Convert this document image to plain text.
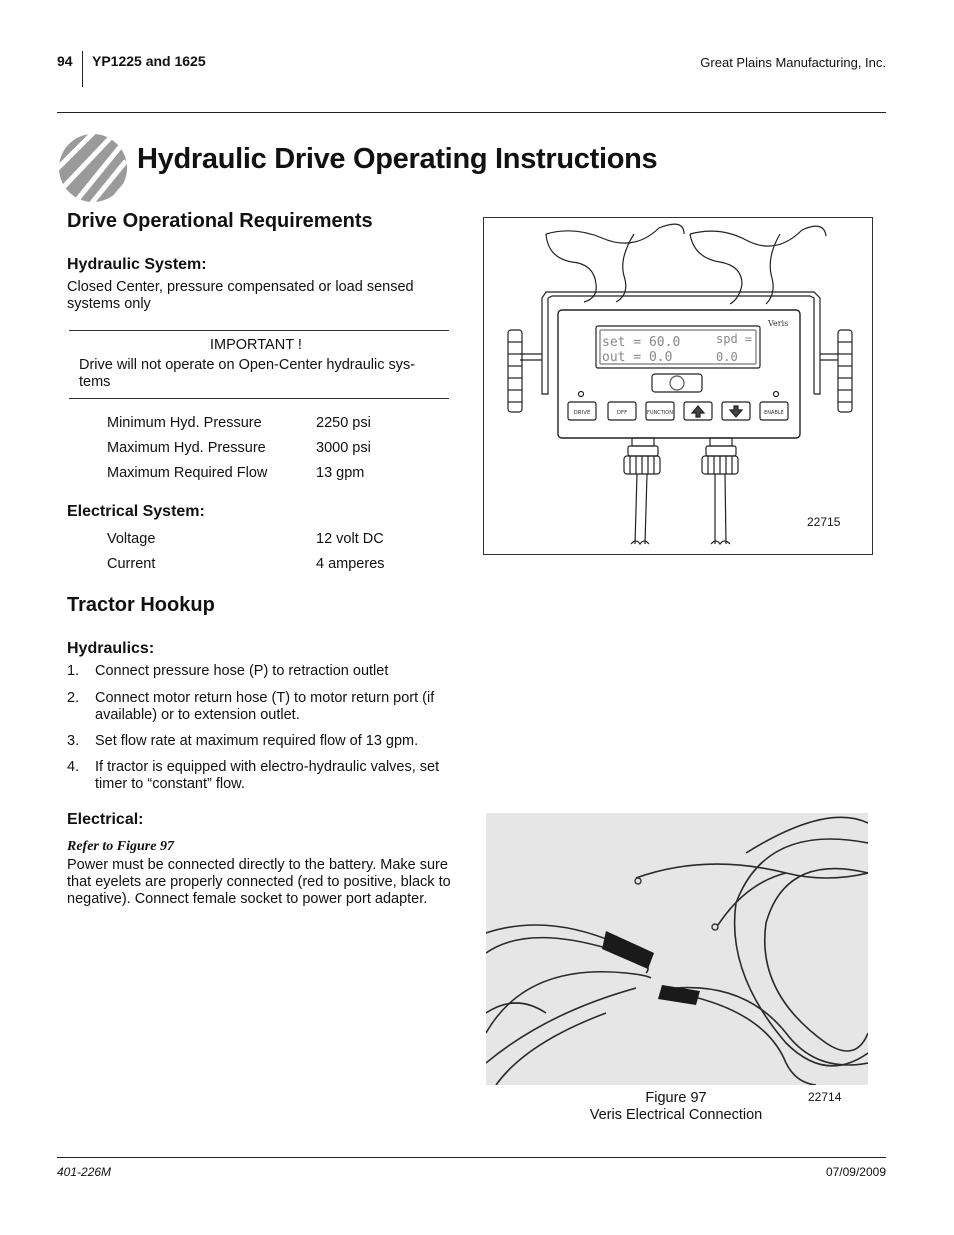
94 YP1225 and 1625	Great Plains Manufacturing, Inc.
Hydraulic Drive Operating Instructions
Drive Operational Requirements
Hydraulic System:
Closed Center, pressure compensated or load sensed systems only
IMPORTANT !
Drive will not operate on Open-Center hydraulic sys-tems
Minimum Hyd. Pressure	2250 psi
Maximum Hyd. Pressure	3000 psi
Maximum Required Flow	13 gpm
Electrical System:
Voltage	12 volt DC
Current	4 amperes
Tractor Hookup
Hydraulics:
1. Connect pressure hose (P) to retraction outlet
2. Connect motor return hose (T) to motor return port (if available) or to extension outlet.
3. Set flow rate at maximum required flow of 13 gpm.
4. If tractor is equipped with electro-hydraulic valves, set timer to “constant” flow.
Electrical:
Refer to Figure 97
Power must be connected directly to the battery. Make sure that eyelets are properly connected (red to positive, black to negative). Connect female socket to power port adapter.
set = 60.0
out = 0.0
spd =
0.0
Veris
DRIVE	OFF	FUNCTION	ENABLE
22715
Figure 97
Veris Electrical Connection
22714
401-226M	07/09/2009
